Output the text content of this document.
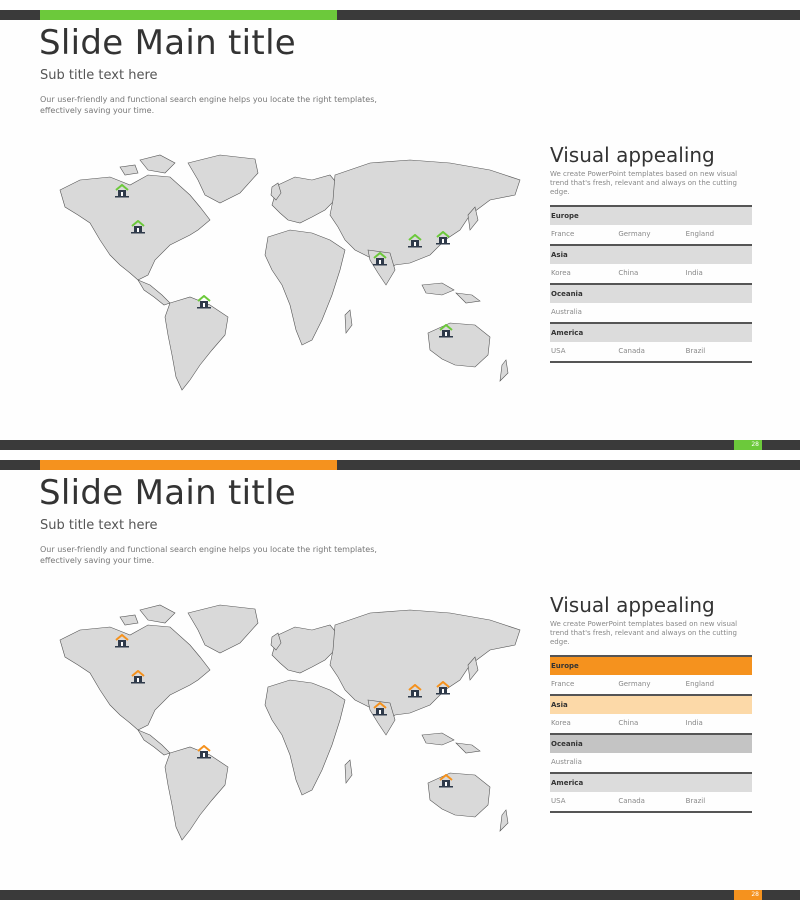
Slide Main title
Sub title text here
Our user-friendly and functional search engine helps you locate the right templates, effectively saving your time.
Visual appealing
We create PowerPoint templates based on new visual trend that's fresh, relevant and always on the cutting edge.
Europe
France	Germany	England
Asia
Korea	China	India
Oceania
Australia
America
USA	Canada	Brazil
28
Slide Main title
Sub title text here
Our user-friendly and functional search engine helps you locate the right templates, effectively saving your time.
Visual appealing
We create PowerPoint templates based on new visual trend that's fresh, relevant and always on the cutting edge.
Europe
France	Germany	England
Asia
Korea	China	India
Oceania
Australia
America
USA	Canada	Brazil
28
